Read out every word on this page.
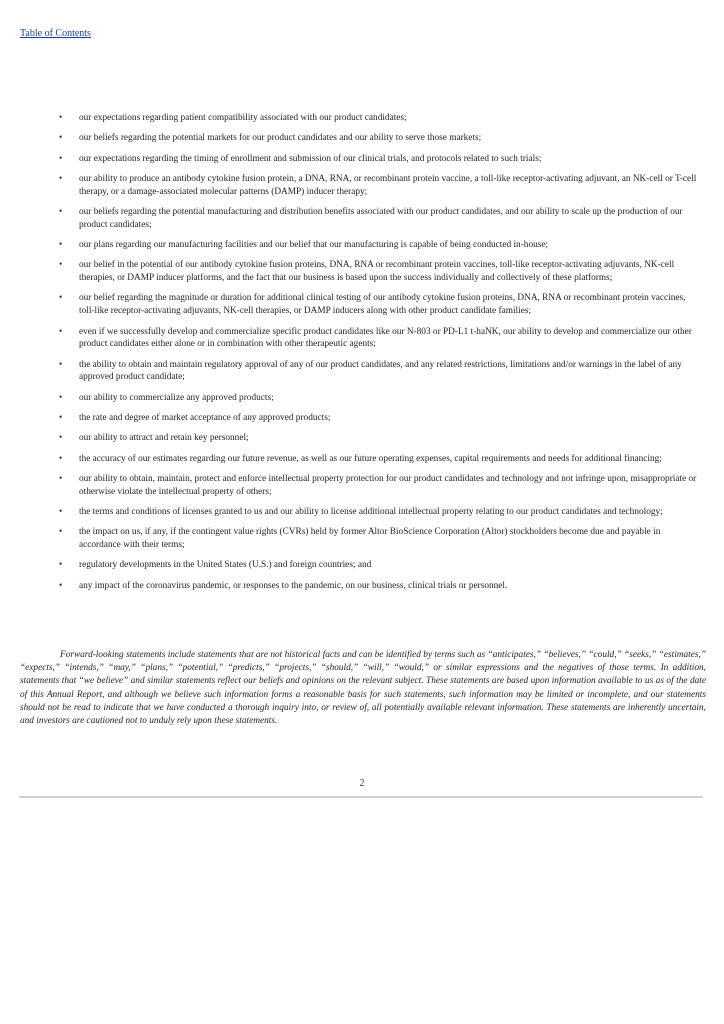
Table of Contents
• our expectations regarding patient compatibility associated with our product candidates;
• our beliefs regarding the potential markets for our product candidates and our ability to serve those markets;
• our expectations regarding the timing of enrollment and submission of our clinical trials, and protocols related to such trials;
• our ability to produce an antibody cytokine fusion protein, a DNA, RNA, or recombinant protein vaccine, a toll-like receptor-activating adjuvant, an NK-cell or T-cell therapy, or a damage-associated molecular patterns (DAMP) inducer therapy;
• our beliefs regarding the potential manufacturing and distribution benefits associated with our product candidates, and our ability to scale up the production of our product candidates;
• our plans regarding our manufacturing facilities and our belief that our manufacturing is capable of being conducted in-house;
• our belief in the potential of our antibody cytokine fusion proteins, DNA, RNA or recombinant protein vaccines, toll-like receptor-activating adjuvants, NK-cell therapies, or DAMP inducer platforms, and the fact that our business is based upon the success individually and collectively of these platforms;
• our belief regarding the magnitude or duration for additional clinical testing of our antibody cytokine fusion proteins, DNA, RNA or recombinant protein vaccines, toll-like receptor-activating adjuvants, NK-cell therapies, or DAMP inducers along with other product candidate families;
• even if we successfully develop and commercialize specific product candidates like our N-803 or PD-L1 t-haNK, our ability to develop and commercialize our other product candidates either alone or in combination with other therapeutic agents;
• the ability to obtain and maintain regulatory approval of any of our product candidates, and any related restrictions, limitations and/or warnings in the label of any approved product candidate;
• our ability to commercialize any approved products;
• the rate and degree of market acceptance of any approved products;
• our ability to attract and retain key personnel;
• the accuracy of our estimates regarding our future revenue, as well as our future operating expenses, capital requirements and needs for additional financing;
• our ability to obtain, maintain, protect and enforce intellectual property protection for our product candidates and technology and not infringe upon, misappropriate or otherwise violate the intellectual property of others;
• the terms and conditions of licenses granted to us and our ability to license additional intellectual property relating to our product candidates and technology;
• the impact on us, if any, if the contingent value rights (CVRs) held by former Altor BioScience Corporation (Altor) stockholders become due and payable in accordance with their terms;
• regulatory developments in the United States (U.S.) and foreign countries; and
• any impact of the coronavirus pandemic, or responses to the pandemic, on our business, clinical trials or personnel.

Forward-looking statements include statements that are not historical facts and can be identified by terms such as “anticipates,” “believes,” “could,” “seeks,” “estimates,” “expects,” “intends,” “may,” “plans,” “potential,” “predicts,” “projects,” “should,” “will,” “would,” or similar expressions and the negatives of those terms. In addition, statements that “we believe” and similar statements reflect our beliefs and opinions on the relevant subject. These statements are based upon information available to us as of the date of this Annual Report, and although we believe such information forms a reasonable basis for such statements, such information may be limited or incomplete, and our statements should not be read to indicate that we have conducted a thorough inquiry into, or review of, all potentially available relevant information. These statements are inherently uncertain, and investors are cautioned not to unduly rely upon these statements.

2
